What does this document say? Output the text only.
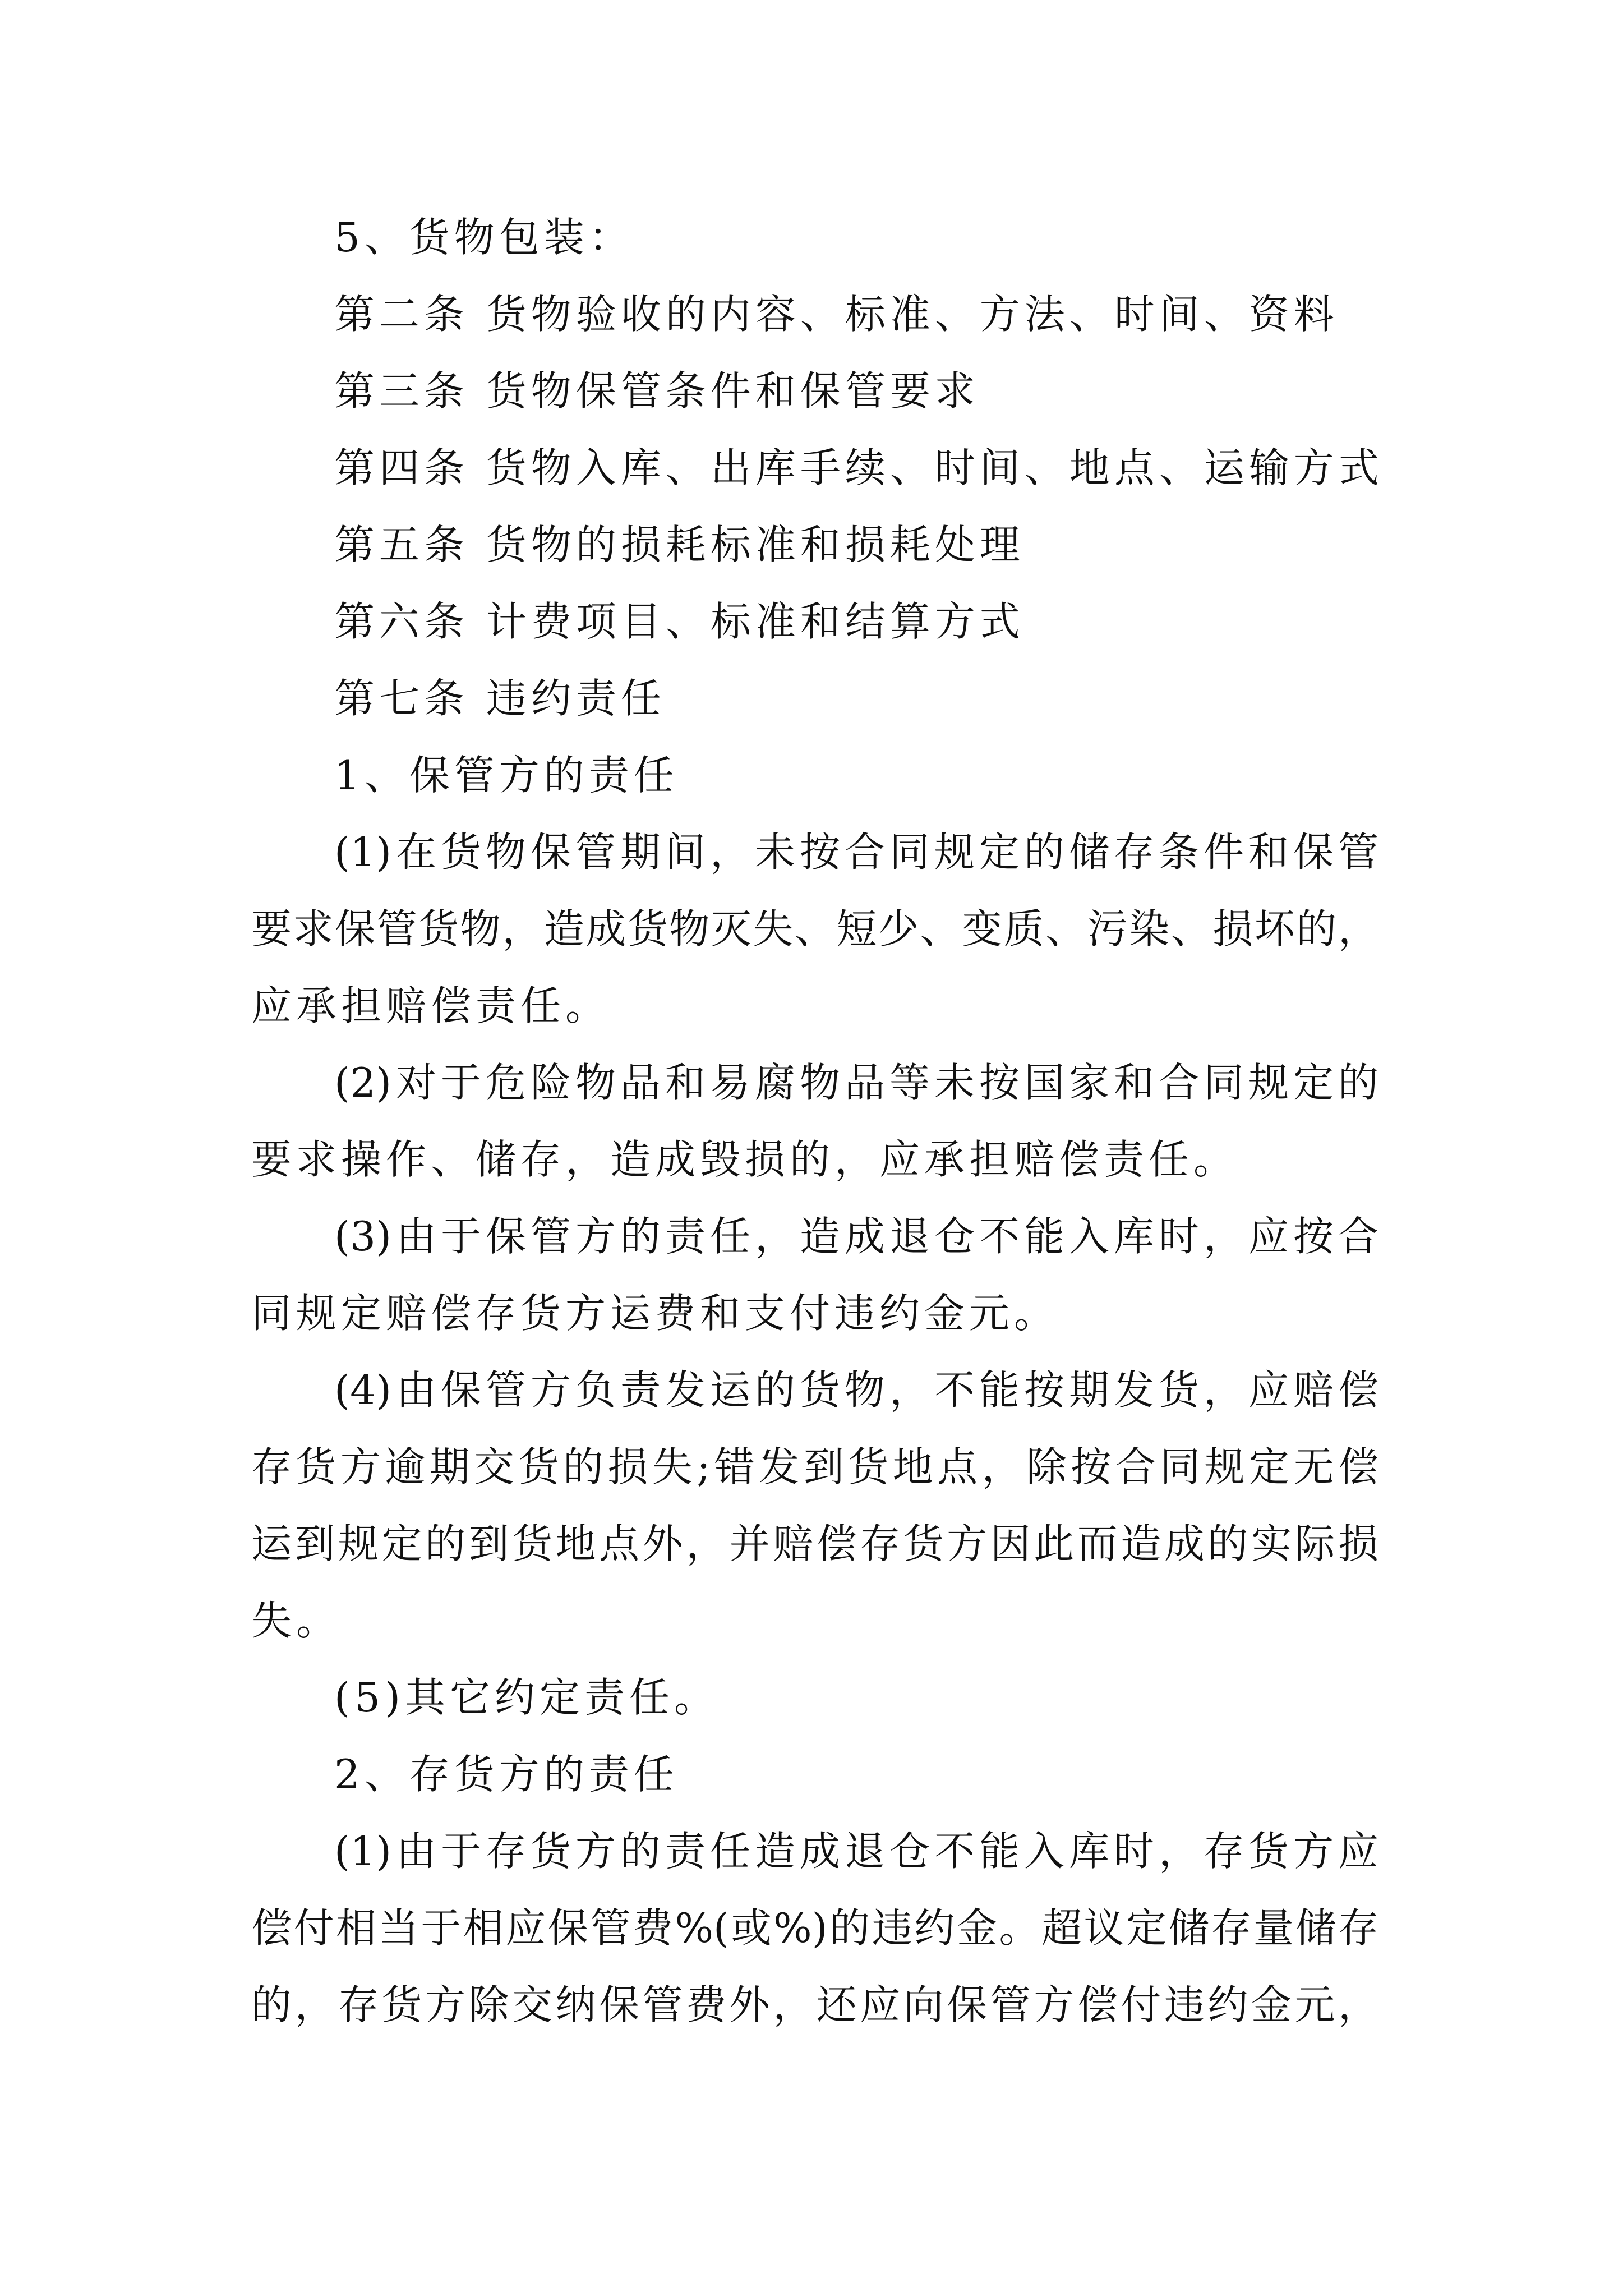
5、货物包装：
第二条 货物验收的内容、标准、方法、时间、资料
第三条 货物保管条件和保管要求
第四条 货物入库、出库手续、时间、地点、运输方式
第五条 货物的损耗标准和损耗处理
第六条 计费项目、标准和结算方式
第七条 违约责任
1、保管方的责任
(1)在货物保管期间，未按合同规定的储存条件和保管
要求保管货物，造成货物灭失、短少、变质、污染、损坏的，
应承担赔偿责任。
(2)对于危险物品和易腐物品等未按国家和合同规定的
要求操作、储存，造成毁损的，应承担赔偿责任。
(3)由于保管方的责任，造成退仓不能入库时，应按合
同规定赔偿存货方运费和支付违约金元。
(4)由保管方负责发运的货物，不能按期发货，应赔偿
存货方逾期交货的损失;错发到货地点，除按合同规定无偿
运到规定的到货地点外，并赔偿存货方因此而造成的实际损
失。
(5)其它约定责任。
2、存货方的责任
(1)由于存货方的责任造成退仓不能入库时，存货方应
偿付相当于相应保管费%(或%)的违约金。超议定储存量储存
的，存货方除交纳保管费外，还应向保管方偿付违约金元，
